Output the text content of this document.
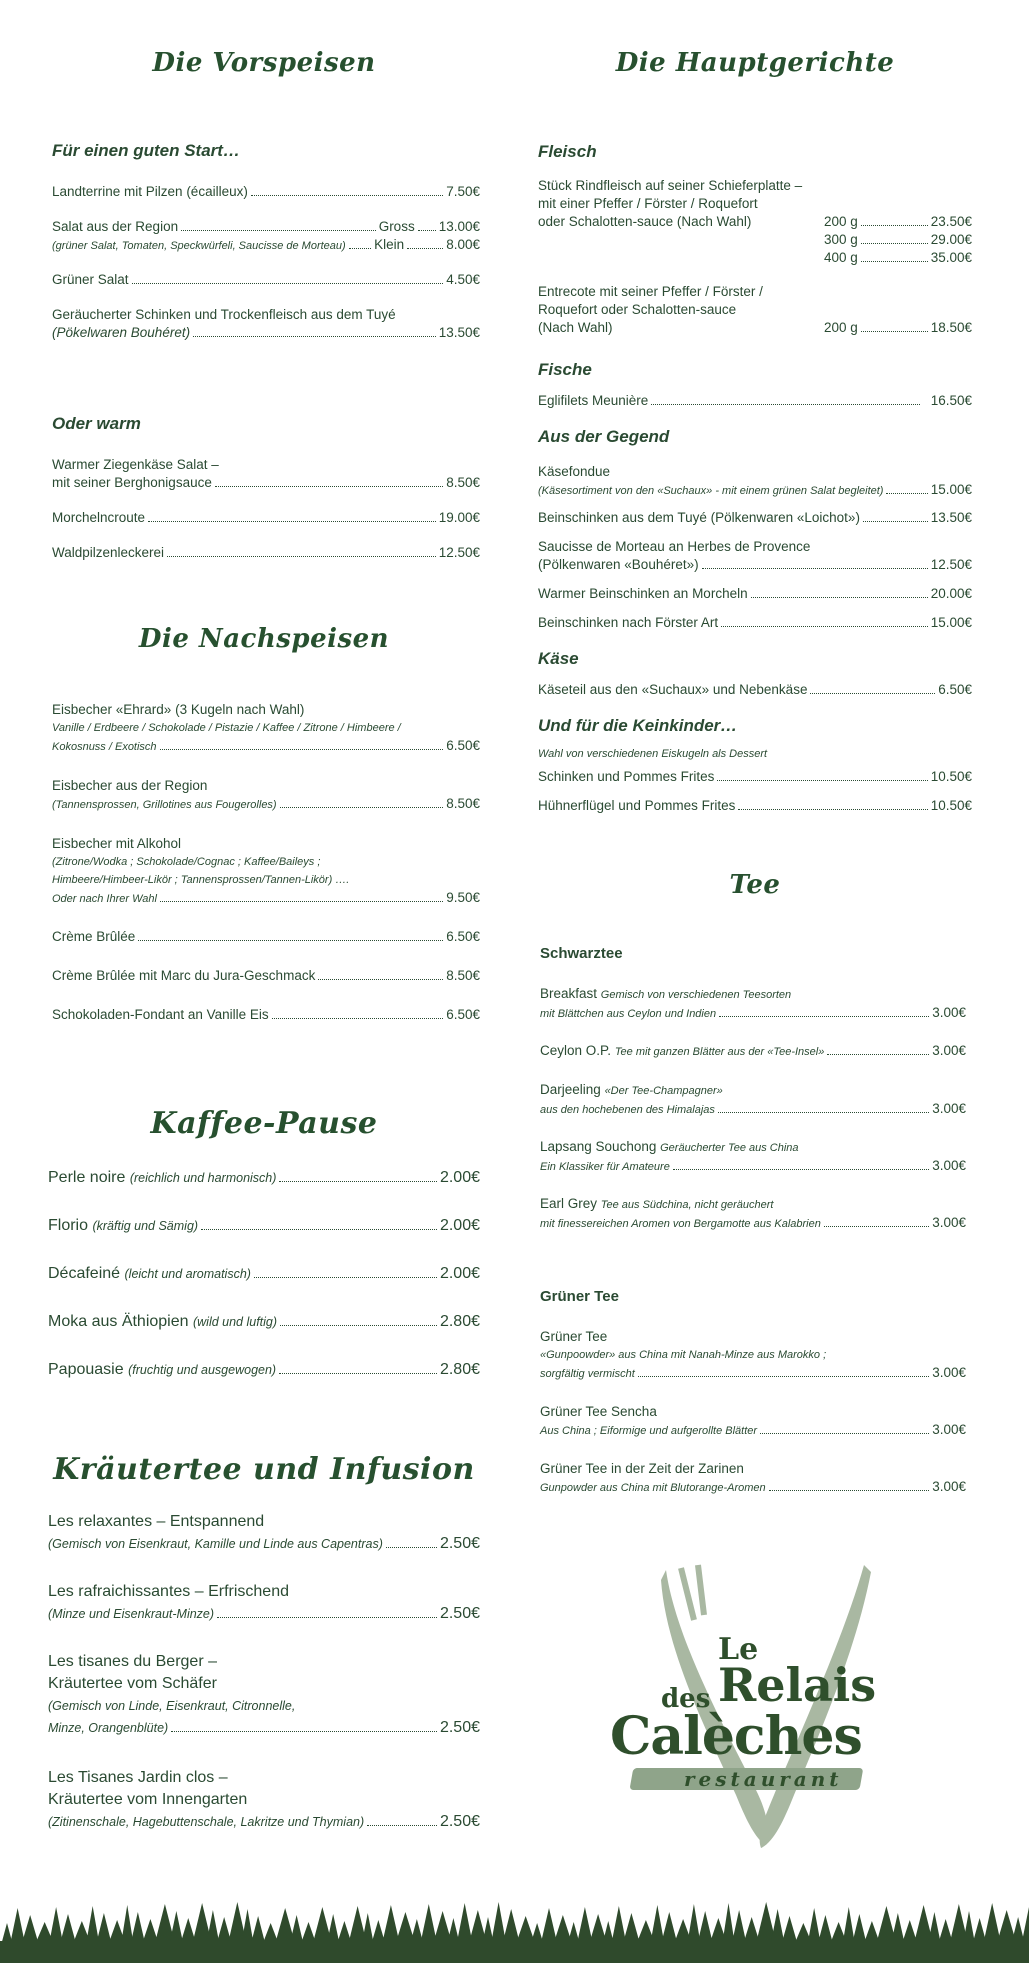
Die Vorspeisen
Für einen guten Start…
Landterrine mit Pilzen (écailleux)	7.50€
Salat aus der Region	Gross 13.00€
(grüner Salat, Tomaten, Speckwürfeli, Saucisse de Morteau) Klein	8.00€
Grüner Salat	4.50€
Geräucherter Schinken und Trockenfleisch aus dem Tuyé
(Pökelwaren Bouhéret)	13.50€
Oder warm
Warmer Ziegenkäse Salat –
mit seiner Berghonigsauce	8.50€
Morchelncroute	19.00€
Waldpilzenleckerei	12.50€
Die Nachspeisen
Eisbecher «Ehrard» (3 Kugeln nach Wahl)
Vanille / Erdbeere / Schokolade / Pistazie / Kaffee / Zitrone / Himbeere /
Kokosnuss / Exotisch	6.50€
Eisbecher aus der Region
(Tannensprossen, Grillotines aus Fougerolles)	8.50€
Eisbecher mit Alkohol
(Zitrone/Wodka ; Schokolade/Cognac ; Kaffee/Baileys ;
Himbeere/Himbeer-Likör ; Tannensprossen/Tannen-Likör) ….
Oder nach Ihrer Wahl	9.50€
Crème Brûlée	6.50€
Crème Brûlée mit Marc du Jura-Geschmack	8.50€
Schokoladen-Fondant an Vanille Eis	6.50€
Kaffee-Pause
Perle noire
(reichlich und harmonisch)	2.00€
Florio
(kräftig und Sämig)	2.00€
Décafeiné
(leicht und aromatisch)	2.00€
Moka aus Äthiopien
(wild und luftig)	2.80€
Papouasie
(fruchtig und ausgewogen)	2.80€
Kräutertee und Infusion
Les relaxantes – Entspannend
(Gemisch von Eisenkraut, Kamille und Linde aus Capentras)	2.50€
Les rafraichissantes – Erfrischend
(Minze und Eisenkraut-Minze)	2.50€
Les tisanes du Berger –
Kräutertee vom Schäfer
(Gemisch von Linde, Eisenkraut, Citronnelle,
Minze, Orangenblüte)	2.50€
Les Tisanes Jardin clos –
Kräutertee vom Innengarten
(Zitinenschale, Hagebuttenschale, Lakritze und Thymian)	2.50€
Die Hauptgerichte
Fleisch
Stück Rindfleisch auf seiner Schieferplatte –
mit einer Pfeffer / Förster / Roquefort
oder Schalotten-sauce (Nach Wahl)	200 g	23.50€
300 g	29.00€
400 g	35.00€
Entrecote mit seiner Pfeffer / Förster /
Roquefort oder Schalotten-sauce
(Nach Wahl)	200 g	18.50€
Fische
Eglifilets Meunière	16.50€
Aus der Gegend
Käsefondue
(Käsesortiment von den «Suchaux» - mit einem grünen Salat begleitet)	15.00€
Beinschinken aus dem Tuyé (Pölkenwaren «Loichot»)	13.50€
Saucisse de Morteau an Herbes de Provence
(Pölkenwaren «Bouhéret»)	12.50€
Warmer Beinschinken an Morcheln	20.00€
Beinschinken nach Förster Art	15.00€
Käse
Käseteil aus den «Suchaux» und Nebenkäse	6.50€
Und für die Keinkinder…
Wahl von verschiedenen Eiskugeln als Dessert
Schinken und Pommes Frites	10.50€
Hühnerflügel und Pommes Frites	10.50€
Tee
Schwarztee
Breakfast
Gemisch von verschiedenen Teesorten
mit Blättchen aus Ceylon und Indien	3.00€
Ceylon O.P.
Tee mit ganzen Blätter aus der «Tee-Insel»	3.00€
Darjeeling
«Der Tee-Champagner»
aus den hochebenen des Himalajas	3.00€
Lapsang Souchong
Geräucherter Tee aus China
Ein Klassiker für Amateure	3.00€
Earl Grey
Tee aus Südchina, nicht geräuchert
mit finessereichen Aromen von Bergamotte aus Kalabrien	3.00€
Grüner Tee
Grüner Tee
«Gunpoowder» aus China mit Nanah-Minze aus Marokko ;
sorgfältig vermischt	3.00€
Grüner Tee Sencha
Aus China ; Eiformige und aufgerollte Blätter	3.00€
Grüner Tee in der Zeit der Zarinen
Gunpowder aus China mit Blutorange-Aromen	3.00€
Le
des Relais
Calèches
restaurant
